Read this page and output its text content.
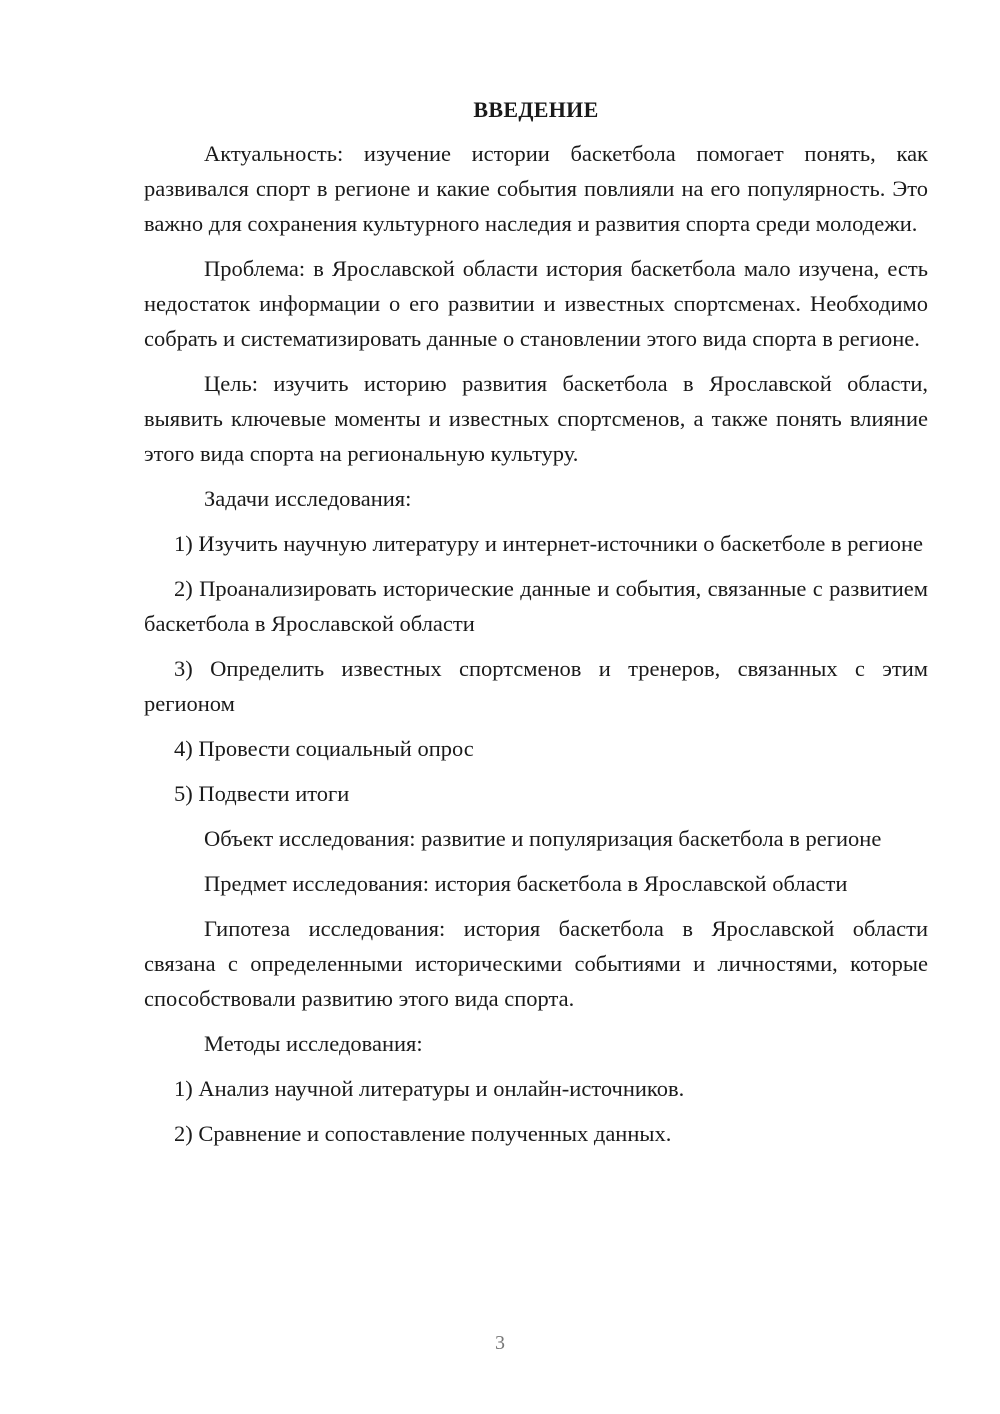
ВВЕДЕНИЕ

Актуальность: изучение истории баскетбола помогает понять, как развивался спорт в регионе и какие события повлияли на его популярность. Это важно для сохранения культурного наследия и развития спорта среди молодежи.

Проблема: в Ярославской области история баскетбола мало изучена, есть недостаток информации о его развитии и известных спортсменах. Необходимо собрать и систематизировать данные о становлении этого вида спорта в регионе.

Цель: изучить историю развития баскетбола в Ярославской области, выявить ключевые моменты и известных спортсменов, а также понять влияние этого вида спорта на региональную культуру.

Задачи исследования:

1) Изучить научную литературу и интернет-источники о баскетболе в регионе

2) Проанализировать исторические данные и события, связанные с развитием баскетбола в Ярославской области

3) Определить известных спортсменов и тренеров, связанных с этим регионом

4) Провести социальный опрос

5) Подвести итоги

Объект исследования: развитие и популяризация баскетбола в регионе

Предмет исследования: история баскетбола в Ярославской области

Гипотеза исследования: история баскетбола в Ярославской области связана с определенными историческими событиями и личностями, которые способствовали развитию этого вида спорта.

Методы исследования:

1) Анализ научной литературы и онлайн-источников.

2) Сравнение и сопоставление полученных данных.

3
